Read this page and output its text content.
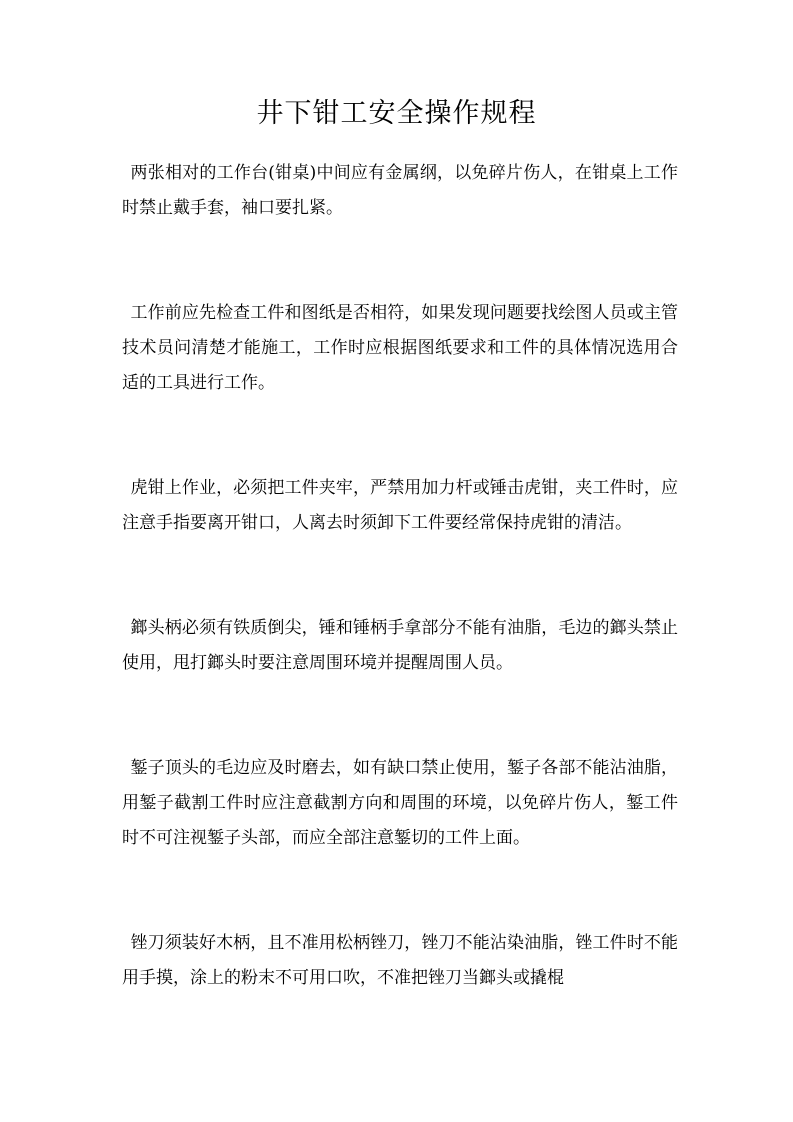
井下钳工安全操作规程

两张相对的工作台(钳桌)中间应有金属纲，以免碎片伤人，在钳桌上工作时禁止戴手套，袖口要扎紧。

工作前应先检查工件和图纸是否相符，如果发现问题要找绘图人员或主管技术员问清楚才能施工，工作时应根据图纸要求和工件的具体情况选用合适的工具进行工作。

虎钳上作业，必须把工件夹牢，严禁用加力杆或锤击虎钳，夹工件时，应注意手指要离开钳口，人离去时须卸下工件要经常保持虎钳的清洁。

鎯头柄必须有铁质倒尖，锤和锤柄手拿部分不能有油脂，毛边的鎯头禁止使用，甩打鎯头时要注意周围环境并提醒周围人员。

錾子顶头的毛边应及时磨去，如有缺口禁止使用，錾子各部不能沾油脂，用錾子截割工件时应注意截割方向和周围的环境，以免碎片伤人，錾工件时不可注视錾子头部，而应全部注意錾切的工件上面。

锉刀须装好木柄，且不准用松柄锉刀，锉刀不能沾染油脂，锉工件时不能用手摸，涂上的粉末不可用口吹，不准把锉刀当鎯头或撬棍
